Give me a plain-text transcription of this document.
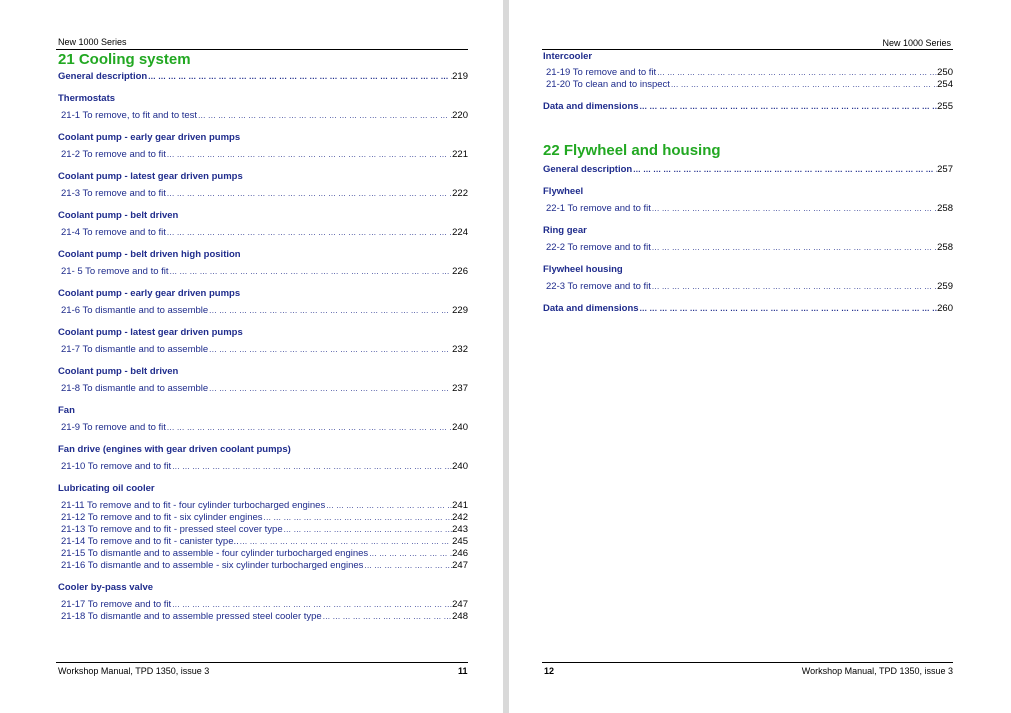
New 1000 Series
21 Cooling system
General description ... .	219
Thermostats
21-1 To remove, to fit and to test ... .	220
Coolant pump - early gear driven pumps
21-2 To remove and to fit ... .	221
Coolant pump - latest gear driven pumps
21-3 To remove and to fit ... .	222
Coolant pump - belt driven
21-4 To remove and to fit ... .	224
Coolant pump - belt driven high position
21- 5 To remove and to fit ... .	226
Coolant pump - early gear driven pumps
21-6 To dismantle and to assemble ... .	229
Coolant pump - latest gear driven pumps
21-7 To dismantle and to assemble ... .	232
Coolant pump - belt driven
21-8 To dismantle and to assemble ... .	237
Fan
21-9 To remove and to fit ... .	240
Fan drive (engines with gear driven coolant pumps)
21-10 To remove and to fit ... .	240
Lubricating oil cooler
21-11 To remove and to fit - four cylinder turbocharged engines ... .	241
21-12 To remove and to fit - six cylinder engines ... .	242
21-13 To remove and to fit - pressed steel cover type ... .	243
21-14 To remove and to fit - canister type.. ... .	245
21-15 To dismantle and to assemble - four cylinder turbocharged engines ... .	246
21-16 To dismantle and to assemble - six cylinder turbocharged engines ... .	247
Cooler by-pass valve
21-17 To remove and to fit ... .	247
21-18 To dismantle and to assemble pressed steel cooler type ... .	248
Workshop Manual, TPD 1350, issue 3	11
New 1000 Series
Intercooler
21-19 To remove and to fit ... .	250
21-20 To clean and to inspect ... .	254
Data and dimensions ... .	255
22 Flywheel and housing
General description ... .	257
Flywheel
22-1 To remove and to fit ... .	258
Ring gear
22-2 To remove and to fit ... .	258
Flywheel housing
22-3 To remove and to fit ... .	259
Data and dimensions ... .	260
12	Workshop Manual, TPD 1350, issue 3
